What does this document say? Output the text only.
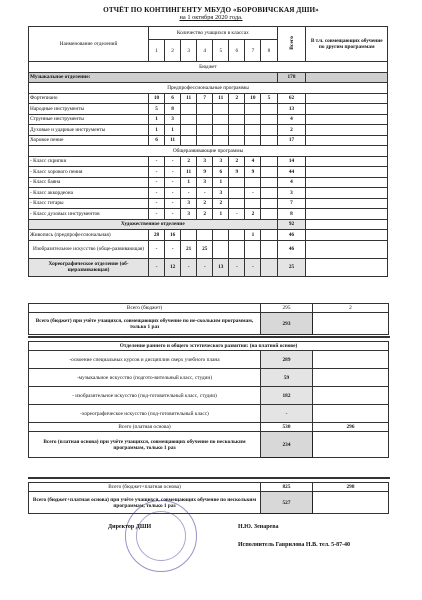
ОТЧЁТ ПО КОНТИНГЕНТУ МБУДО «БОРОВИЧСКАЯ ДШИ»
на 1 октября 2020 года.
Наименование отделений	Количество учащихся в классах								Всего	В т.ч. совмещающих обучение по другим программам
	1	2	3	4	5	6	7	8		
Бюджет										
Музыкальное отделение:									178	
Предпрофессиональные программы										
Фортепиано	10	6	11	7	11	2	10	5	62	
Народные инструменты	5	8							13	
Струнные инструменты	1	3							4	
Духовые и ударные инструменты	1	1							2	
Хоровое пение	6	11							17	
Общеразвивающие программы										
- Класс скрипки	-	-	2	3	3	2	4		14	
- Класс хорового пения	-	-	11	9	6	9	9		44	
- Класс баяна	-	-	1	3	1				4	
- Класс аккордеона	-	-	-	-	3		-		3	
- Класс гитары	-	-	3	2	2				7	
- Класс духовых инструментов	-	-	3	2	1	-	2		8	
Художественное отделение									92	
Живопись (предпрофессиональная)	28	16					1		46	
Изобразительное искусство (обще-развивающая)	-	-	21	25					46	
Хореографическое отделение (об-щеразвивающая)	-	12	-	-	13	-	-		25	
Всего (бюджет)	295	2
Всего (бюджет) при учёте учащихся, совмещающих обучение по не-скольким программам, только 1 раз	293	
Отделение раннего и общего эстетического развития: (на платной основе)		
-освоение специальных курсов и дисциплин сверх учебного плана	289	
-музыкальное искусство (подгото-вительный класс, студии)	59	
- изобразительное искусство (под-готовительный класс, студии)	182	
-хореографическое искусство (под-готовительный класс)	-	
Всего (платная основа)	530	296
Всего (платная основа) при учёте учащихся, совмещающих обучение по нескольким программам, только 1 раз	234	
Всего (бюджет+платная основа)	825	298
Всего (бюджет+платная основа) при учёте учащихся, совмещающих обучение по нескольким программам, только 1 раз	527	
Директор ДШИ	Н.Ю. Зенарева
Исполнитель Гаврилова Н.В. тел. 5-87-40
